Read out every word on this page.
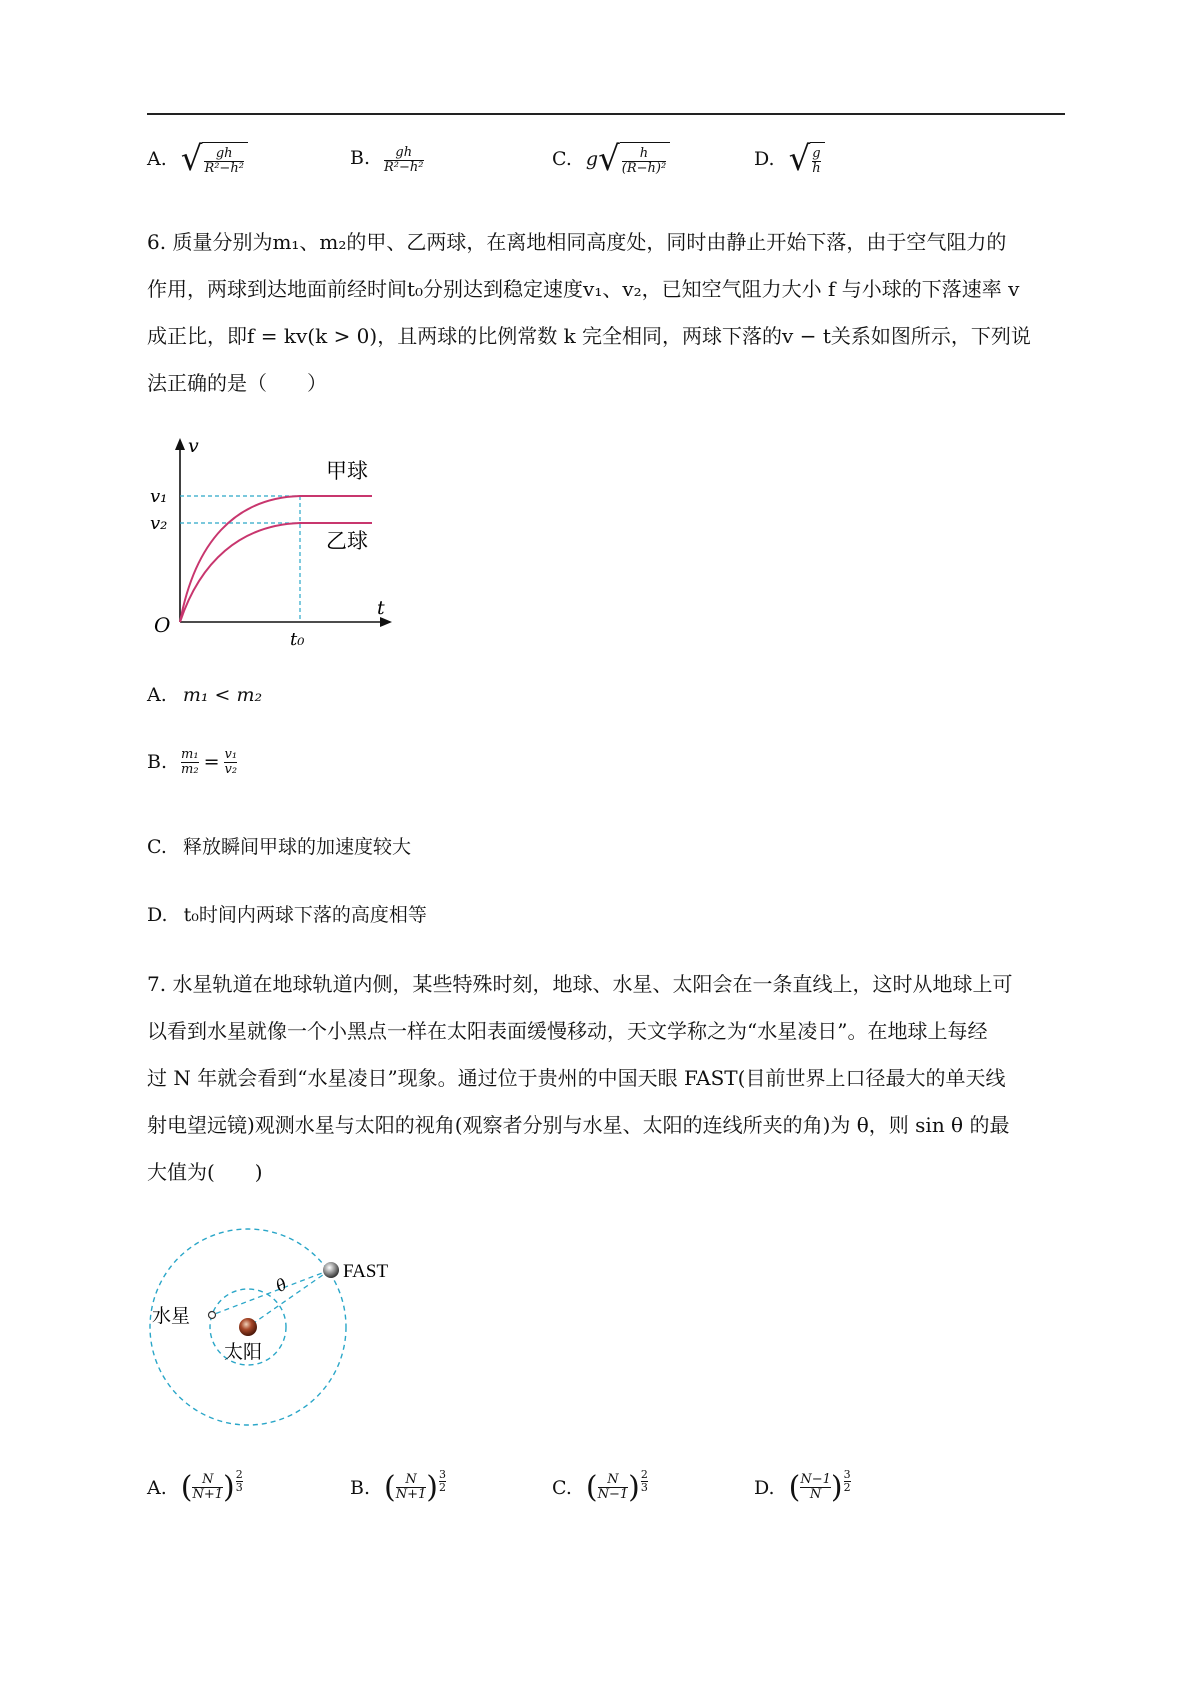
A. √ gh
R²−h²	B. gh
R²−h²	C. g √ h
(R−h)²	D. √ g
h
6. 质量分别为m₁、m₂的甲、乙两球，在离地相同高度处，同时由静止开始下落，由于空气阻力的
作用，两球到达地面前经时间t₀分别达到稳定速度v₁、v₂，已知空气阻力大小 f 与小球的下落速率 v
成正比，即f = kv(k > 0)，且两球的比例常数 k 完全相同，两球下落的v − t关系如图所示，下列说
法正确的是（　　）
v
t
O
v₁
v₂
t₀
甲球
乙球
A. m₁ < m₂
B. m₁
m₂ = v₁
v₂
C. 释放瞬间甲球的加速度较大
D. t₀时间内两球下落的高度相等
7. 水星轨道在地球轨道内侧，某些特殊时刻，地球、水星、太阳会在一条直线上，这时从地球上可
以看到水星就像一个小黑点一样在太阳表面缓慢移动，天文学称之为“水星凌日”。在地球上每经
过 N 年就会看到“水星凌日”现象。通过位于贵州的中国天眼 FAST(目前世界上口径最大的单天线
射电望远镜)观测水星与太阳的视角(观察者分别与水星、太阳的连线所夹的角)为 θ，则 sin θ 的最
大值为(　　)
FAST
水星
太阳
θ
A. ( N
N+1 ) 2
3	B. ( N
N+1 ) 3
2	C. ( N
N−1 ) 2
3	D. ( N−1
N ) 3
2
